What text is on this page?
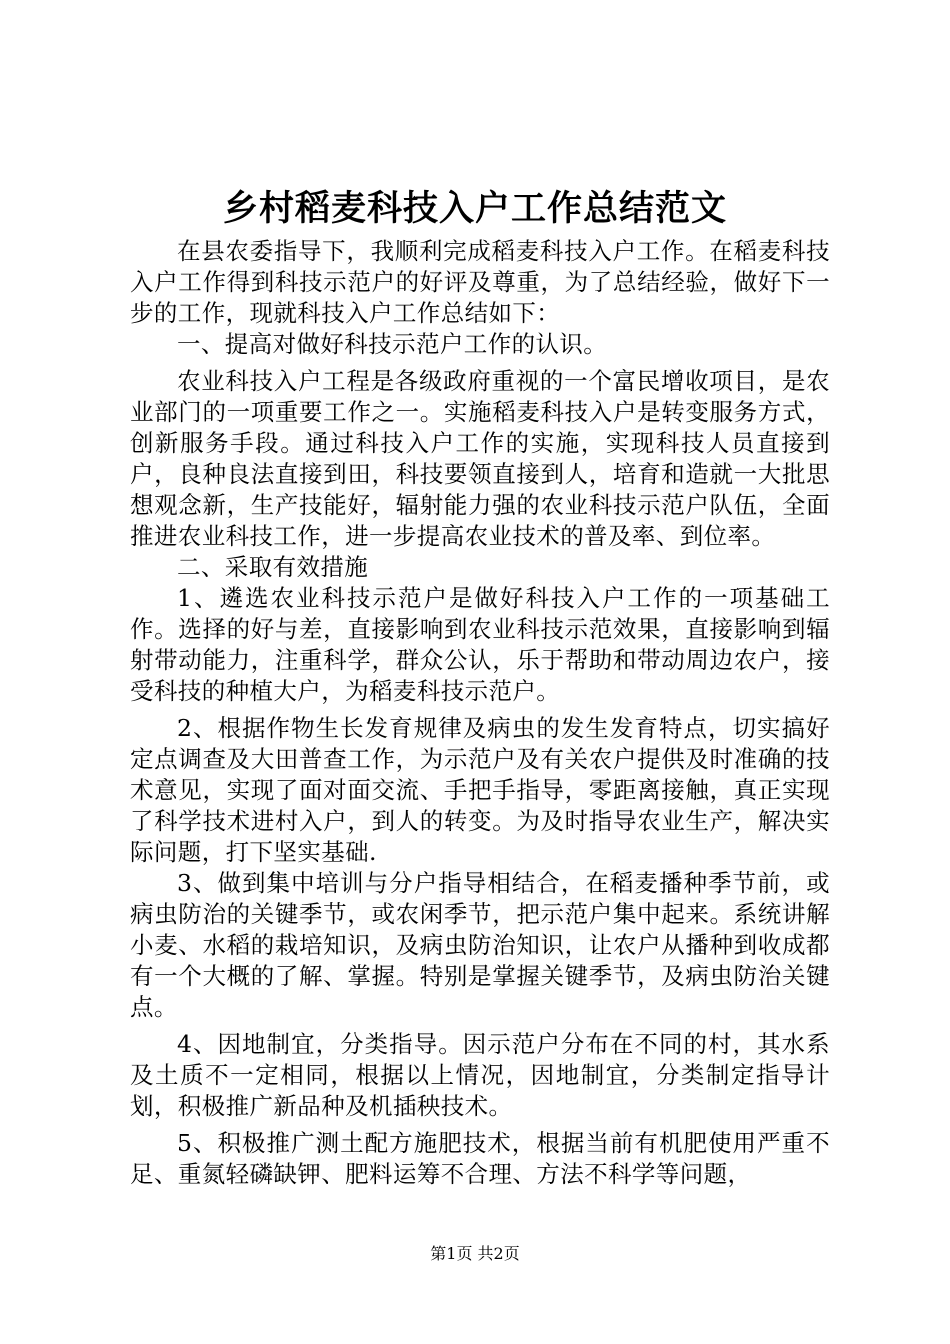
乡村稻麦科技入户工作总结范文

在县农委指导下，我顺利完成稻麦科技入户工作。在稻麦科技入户工作得到科技示范户的好评及尊重，为了总结经验，做好下一步的工作，现就科技入户工作总结如下：

一、提高对做好科技示范户工作的认识。

农业科技入户工程是各级政府重视的一个富民增收项目，是农业部门的一项重要工作之一。实施稻麦科技入户是转变服务方式，创新服务手段。通过科技入户工作的实施，实现科技人员直接到户，良种良法直接到田，科技要领直接到人，培育和造就一大批思想观念新，生产技能好，辐射能力强的农业科技示范户队伍，全面推进农业科技工作，进一步提高农业技术的普及率、到位率。

二、采取有效措施

1、遴选农业科技示范户是做好科技入户工作的一项基础工作。选择的好与差，直接影响到农业科技示范效果，直接影响到辐射带动能力，注重科学，群众公认，乐于帮助和带动周边农户，接受科技的种植大户，为稻麦科技示范户。

2、根据作物生长发育规律及病虫的发生发育特点，切实搞好定点调查及大田普查工作，为示范户及有关农户提供及时准确的技术意见，实现了面对面交流、手把手指导，零距离接触，真正实现了科学技术进村入户，到人的转变。为及时指导农业生产，解决实际问题，打下坚实基础.

3、做到集中培训与分户指导相结合，在稻麦播种季节前，或病虫防治的关键季节，或农闲季节，把示范户集中起来。系统讲解小麦、水稻的栽培知识，及病虫防治知识，让农户从播种到收成都有一个大概的了解、掌握。特别是掌握关键季节，及病虫防治关键点。

4、因地制宜，分类指导。因示范户分布在不同的村，其水系及土质不一定相同，根据以上情况，因地制宜，分类制定指导计划，积极推广新品种及机插秧技术。

5、积极推广测土配方施肥技术，根据当前有机肥使用严重不足、重氮轻磷缺钾、肥料运筹不合理、方法不科学等问题，

第1页 共2页
